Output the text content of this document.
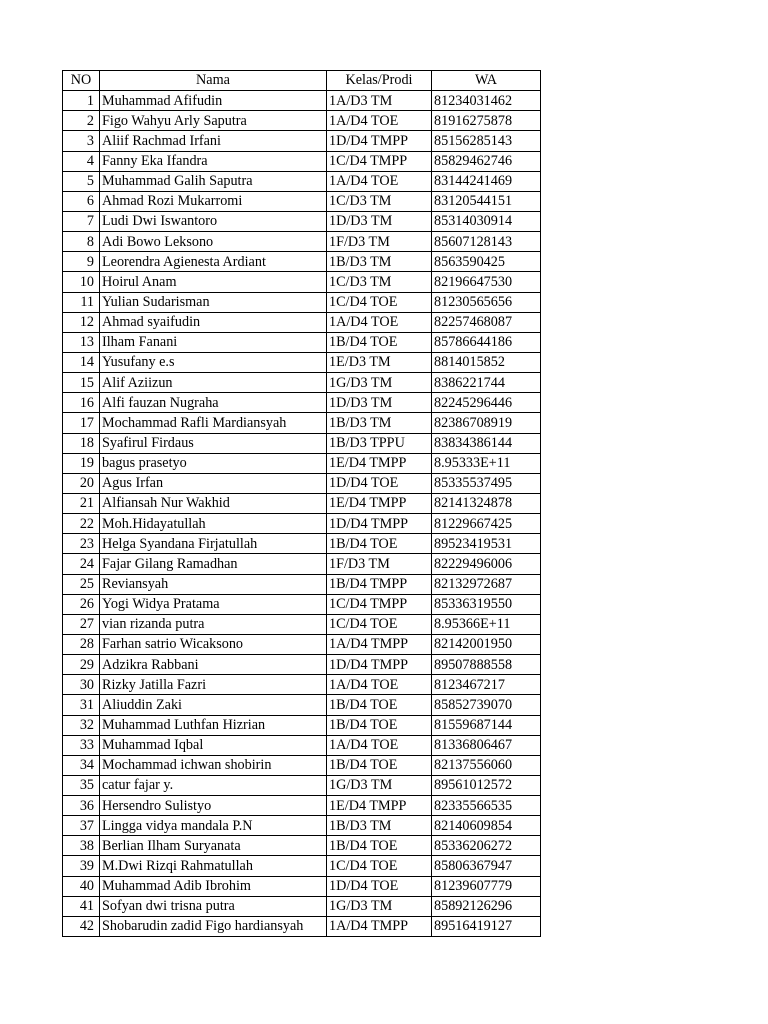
NO	Nama	Kelas/Prodi	WA
1	Muhammad Afifudin	1A/D3 TM	81234031462
2	Figo Wahyu Arly Saputra	1A/D4 TOE	81916275878
3	Aliif Rachmad Irfani	1D/D4 TMPP	85156285143
4	Fanny Eka Ifandra	1C/D4 TMPP	85829462746
5	Muhammad Galih Saputra	1A/D4 TOE	83144241469
6	Ahmad Rozi Mukarromi	1C/D3 TM	83120544151
7	Ludi Dwi Iswantoro	1D/D3 TM	85314030914
8	Adi Bowo Leksono	1F/D3 TM	85607128143
9	Leorendra Agienesta Ardiant	1B/D3 TM	8563590425
10	Hoirul Anam	1C/D3 TM	82196647530
11	Yulian Sudarisman	1C/D4 TOE	81230565656
12	Ahmad syaifudin	1A/D4 TOE	82257468087
13	Ilham Fanani	1B/D4 TOE	85786644186
14	Yusufany e.s	1E/D3 TM	8814015852
15	Alif Aziizun	1G/D3 TM	8386221744
16	Alfi fauzan Nugraha	1D/D3 TM	82245296446
17	Mochammad Rafli Mardiansyah	1B/D3 TM	82386708919
18	Syafirul Firdaus	1B/D3 TPPU	83834386144
19	bagus prasetyo	1E/D4 TMPP	8.95333E+11
20	Agus Irfan	1D/D4 TOE	85335537495
21	Alfiansah Nur Wakhid	1E/D4 TMPP	82141324878
22	Moh.Hidayatullah	1D/D4 TMPP	81229667425
23	Helga Syandana Firjatullah	1B/D4 TOE	89523419531
24	Fajar Gilang Ramadhan	1F/D3 TM	82229496006
25	Reviansyah	1B/D4 TMPP	82132972687
26	Yogi Widya Pratama	1C/D4 TMPP	85336319550
27	vian rizanda putra	1C/D4 TOE	8.95366E+11
28	Farhan satrio Wicaksono	1A/D4 TMPP	82142001950
29	Adzikra Rabbani	1D/D4 TMPP	89507888558
30	Rizky Jatilla Fazri	1A/D4 TOE	8123467217
31	Aliuddin Zaki	1B/D4 TOE	85852739070
32	Muhammad Luthfan Hizrian	1B/D4 TOE	81559687144
33	Muhammad Iqbal	1A/D4 TOE	81336806467
34	Mochammad ichwan shobirin	1B/D4 TOE	82137556060
35	catur fajar y.	1G/D3 TM	89561012572
36	Hersendro Sulistyo	1E/D4 TMPP	82335566535
37	Lingga vidya mandala P.N	1B/D3 TM	82140609854
38	Berlian Ilham Suryanata	1B/D4 TOE	85336206272
39	M.Dwi Rizqi Rahmatullah	1C/D4 TOE	85806367947
40	Muhammad Adib Ibrohim	1D/D4 TOE	81239607779
41	Sofyan dwi trisna putra	1G/D3 TM	85892126296
42	Shobarudin zadid Figo hardiansyah	1A/D4 TMPP	89516419127
